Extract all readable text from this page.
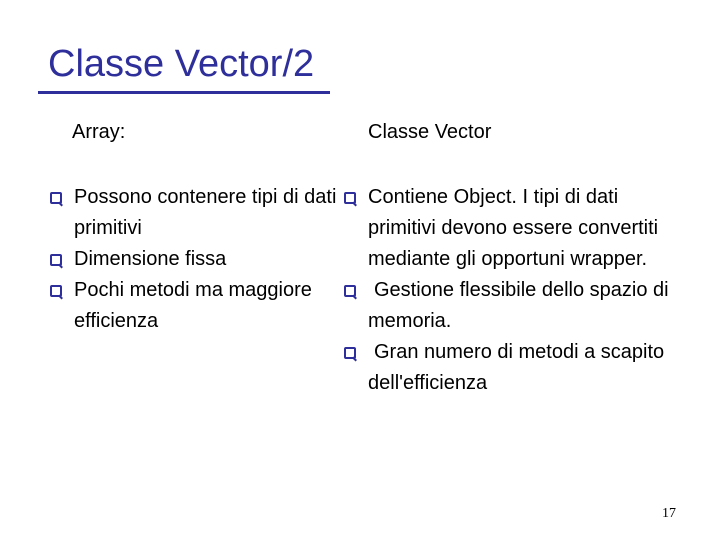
Classe Vector/2
Array:	Classe Vector
Possono contenere tipi di dati primitivi
Dimensione fissa
Pochi metodi ma maggiore efficienza
Contiene Object. I tipi di dati primitivi devono essere convertiti mediante gli opportuni wrapper.
Gestione flessibile dello spazio di memoria.
Gran numero di metodi a scapito dell'efficienza
17
